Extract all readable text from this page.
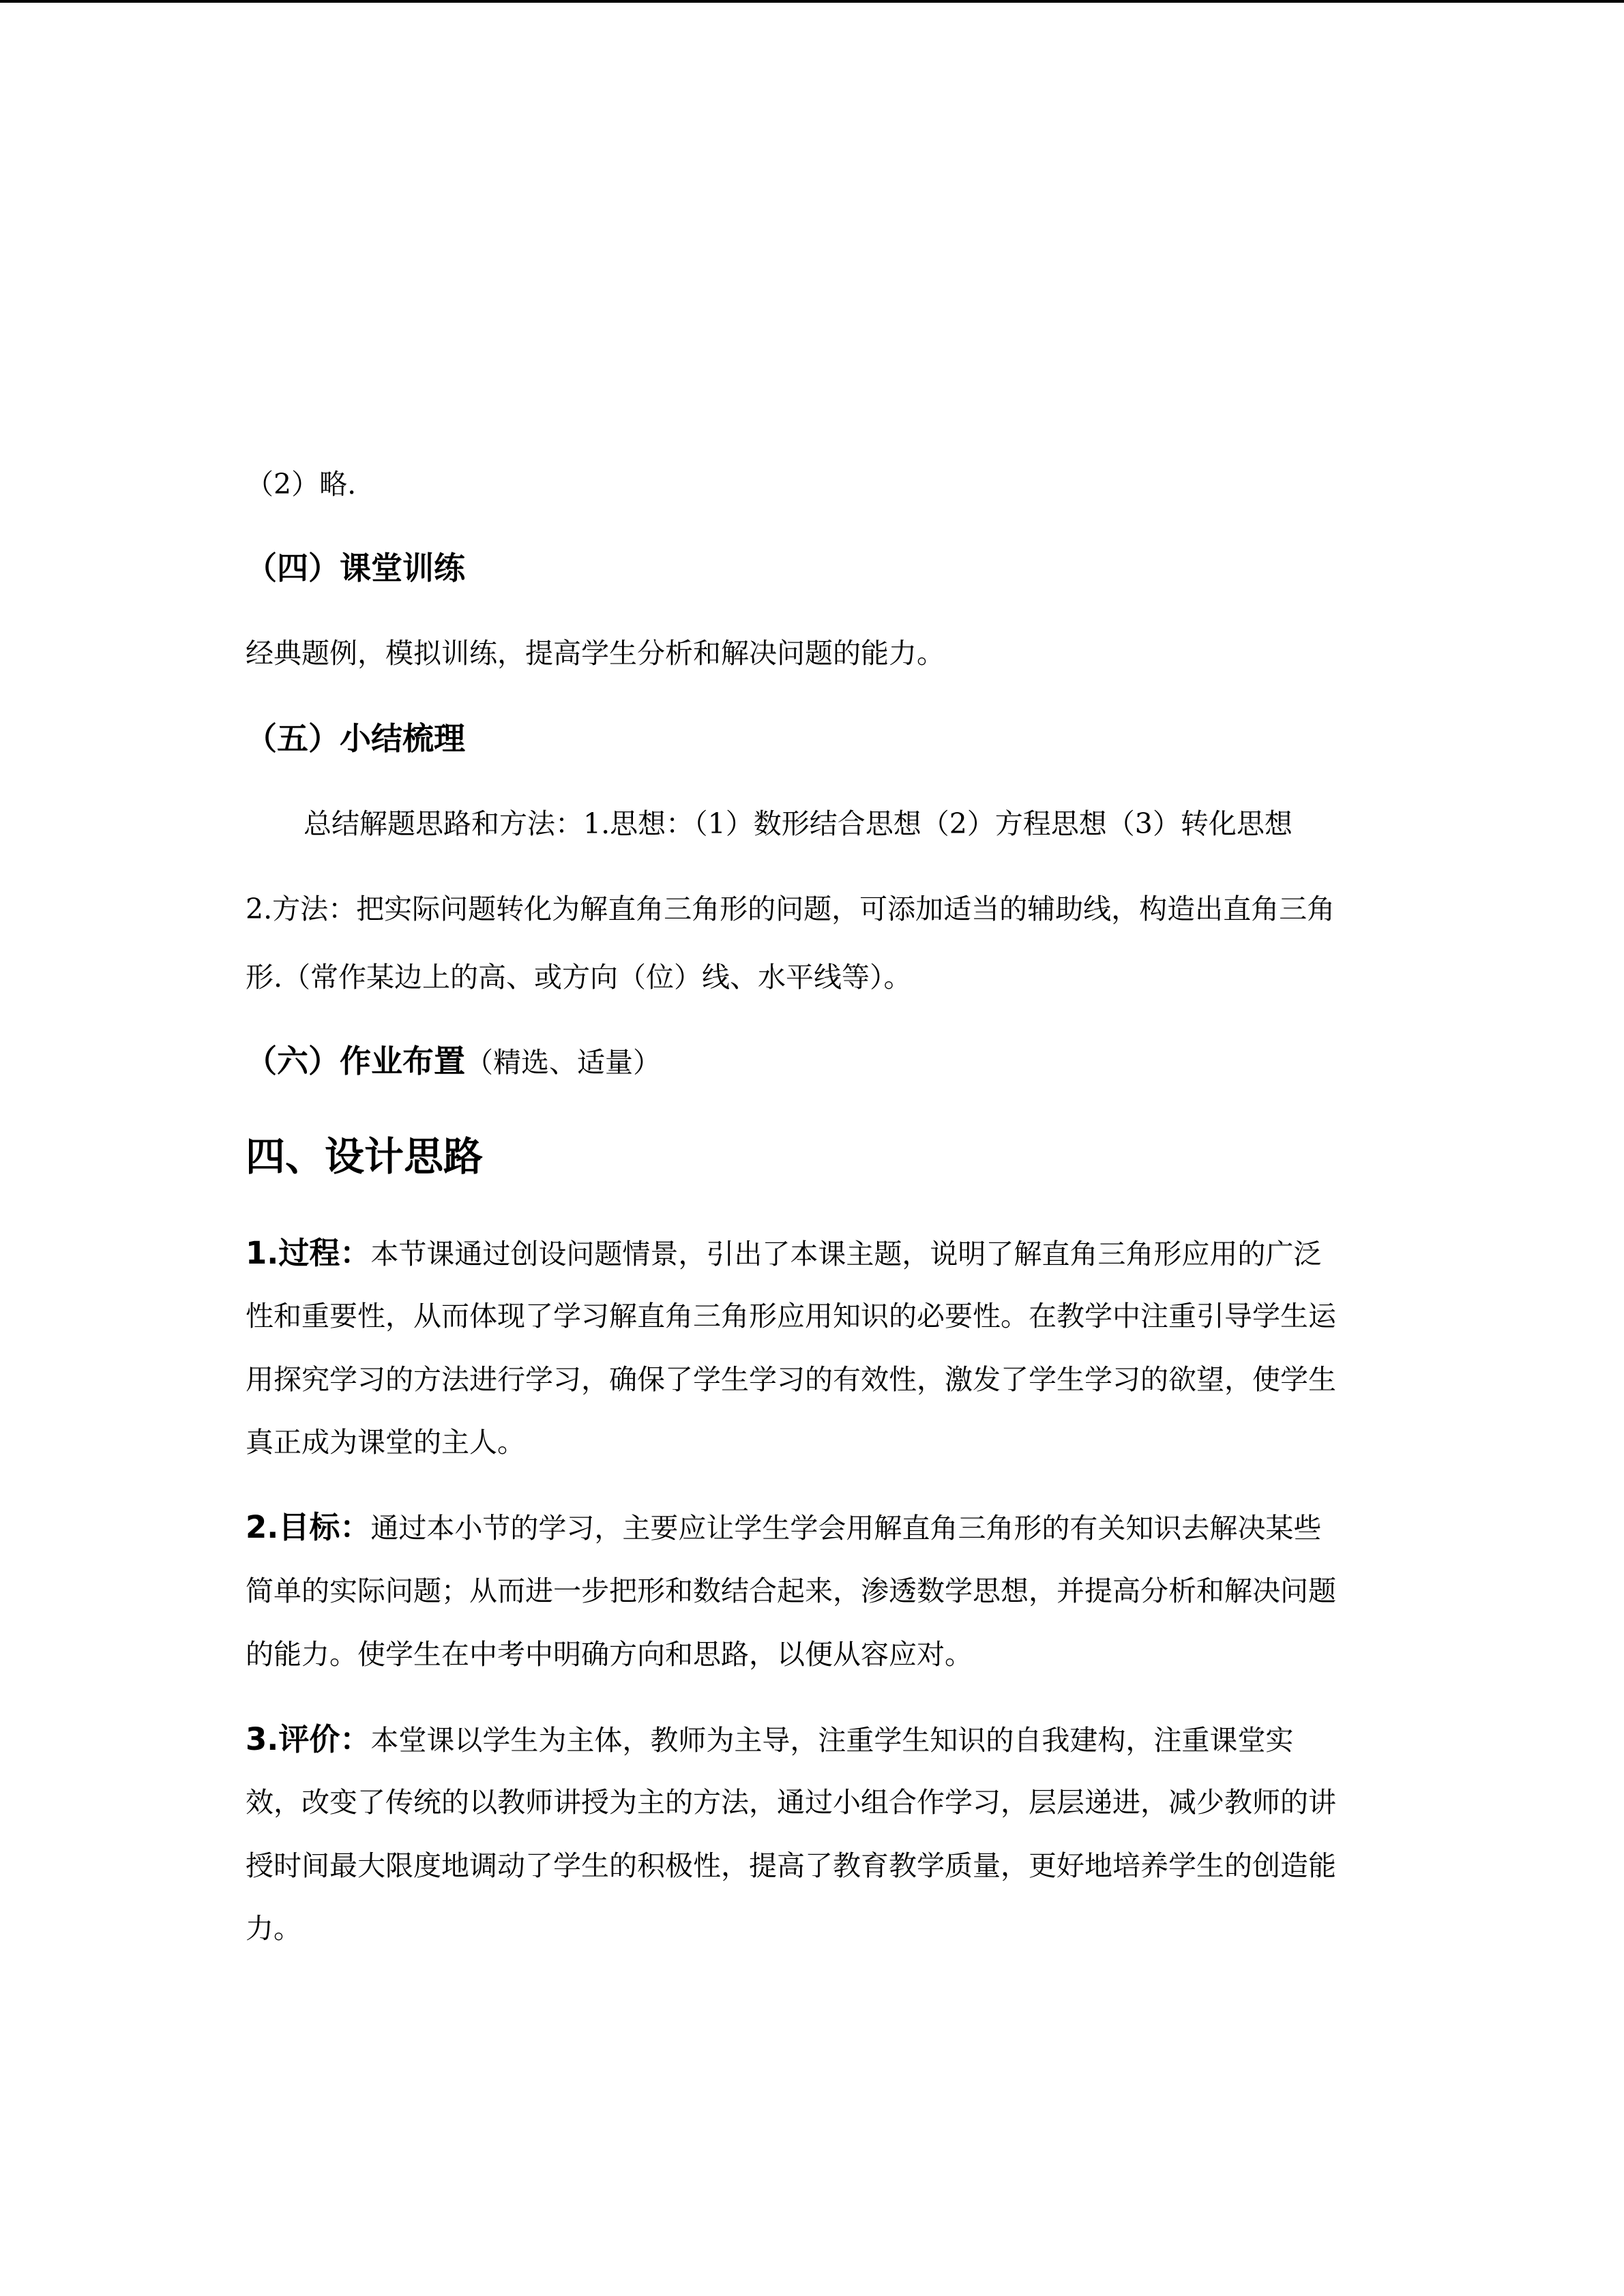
（2）略.
（四）课堂训练
经典题例，模拟训练，提高学生分析和解决问题的能力。
（五）小结梳理
总结解题思路和方法：1.思想：（1）数形结合思想（2）方程思想（3）转化思想
2.方法：把实际问题转化为解直角三角形的问题，可添加适当的辅助线，构造出直角三角
形.（常作某边上的高、或方向（位）线、水平线等）。
（六）作业布置（精选、适量）
四、设计思路
1.过程：本节课通过创设问题情景，引出了本课主题，说明了解直角三角形应用的广泛
性和重要性，从而体现了学习解直角三角形应用知识的必要性。在教学中注重引导学生运
用探究学习的方法进行学习，确保了学生学习的有效性，激发了学生学习的欲望，使学生
真正成为课堂的主人。
2.目标：通过本小节的学习，主要应让学生学会用解直角三角形的有关知识去解决某些
简单的实际问题；从而进一步把形和数结合起来，渗透数学思想，并提高分析和解决问题
的能力。使学生在中考中明确方向和思路，以便从容应对。
3.评价：本堂课以学生为主体，教师为主导，注重学生知识的自我建构，注重课堂实
效，改变了传统的以教师讲授为主的方法，通过小组合作学习，层层递进，减少教师的讲
授时间最大限度地调动了学生的积极性，提高了教育教学质量，更好地培养学生的创造能
力。
